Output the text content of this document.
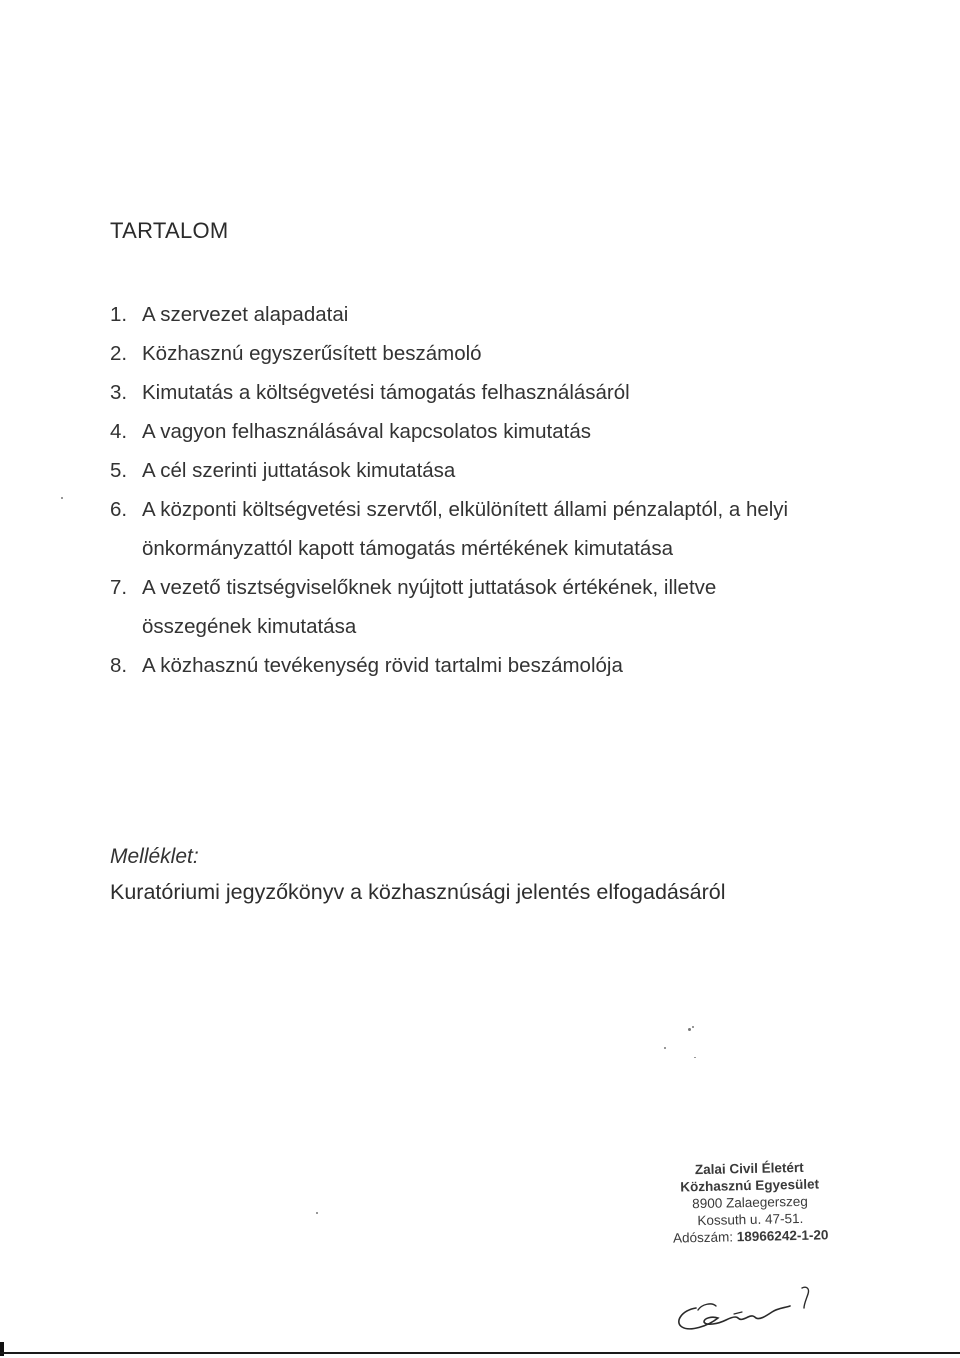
TARTALOM
1. A szervezet alapadatai
2. Közhasznú egyszerűsített beszámoló
3. Kimutatás a költségvetési támogatás felhasználásáról
4. A vagyon felhasználásával kapcsolatos kimutatás
5. A cél szerinti juttatások kimutatása
6. A központi költségvetési szervtől, elkülönített állami pénzalaptól, a helyi önkormányzattól kapott támogatás mértékének kimutatása
7. A vezető tisztségviselőknek nyújtott juttatások értékének, illetve összegének kimutatása
8. A közhasznú tevékenység rövid tartalmi beszámolója
Melléklet:
Kuratóriumi jegyzőkönyv a közhasznúsági jelentés elfogadásáról
Zalai Civil Életért
Közhasznú Egyesület
8900 Zalaegerszeg
Kossuth u. 47-51.
Adószám: 18966242-1-20
